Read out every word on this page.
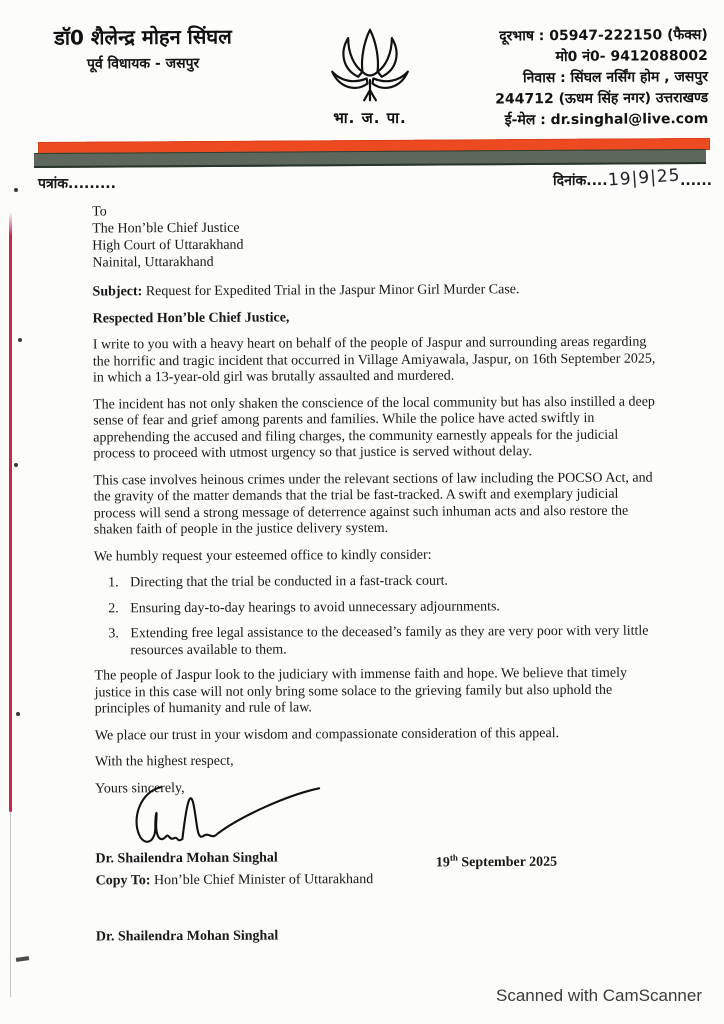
डॉ0 शैलेन्द्र मोहन सिंघल
पूर्व विधायक - जसपुर
भा. ज. पा.
दूरभाष : 05947-222150 (फैक्स)
मो0 नं0- 9412088002
निवास : सिंघल नर्सिंग होम , जसपुर
244712 (ऊधम सिंह नगर) उत्तराखण्ड
ई-मेल : dr.singhal@live.com
पत्रांक.........	दिनांक....19|9|25......
To
The Hon’ble Chief Justice
High Court of Uttarakhand
Nainital, Uttarakhand

Subject: Request for Expedited Trial in the Jaspur Minor Girl Murder Case.

Respected Hon’ble Chief Justice,

I write to you with a heavy heart on behalf of the people of Jaspur and surrounding areas regarding the horrific and tragic incident that occurred in Village Amiyawala, Jaspur, on 16th September 2025, in which a 13-year-old girl was brutally assaulted and murdered.

The incident has not only shaken the conscience of the local community but has also instilled a deep sense of fear and grief among parents and families. While the police have acted swiftly in apprehending the accused and filing charges, the community earnestly appeals for the judicial process to proceed with utmost urgency so that justice is served without delay.

This case involves heinous crimes under the relevant sections of law including the POCSO Act, and the gravity of the matter demands that the trial be fast-tracked. A swift and exemplary judicial process will send a strong message of deterrence against such inhuman acts and also restore the shaken faith of people in the justice delivery system.

We humbly request your esteemed office to kindly consider:

1. Directing that the trial be conducted in a fast-track court.
2. Ensuring day-to-day hearings to avoid unnecessary adjournments.
3. Extending free legal assistance to the deceased’s family as they are very poor with very little resources available to them.

The people of Jaspur look to the judiciary with immense faith and hope. We believe that timely justice in this case will not only bring some solace to the grieving family but also uphold the principles of humanity and rule of law.

We place our trust in your wisdom and compassionate consideration of this appeal.

With the highest respect,

Yours sincerely,

Dr. Shailendra Mohan Singhal	19th September 2025

Copy To: Hon’ble Chief Minister of Uttarakhand

Dr. Shailendra Mohan Singhal
Scanned with CamScanner
